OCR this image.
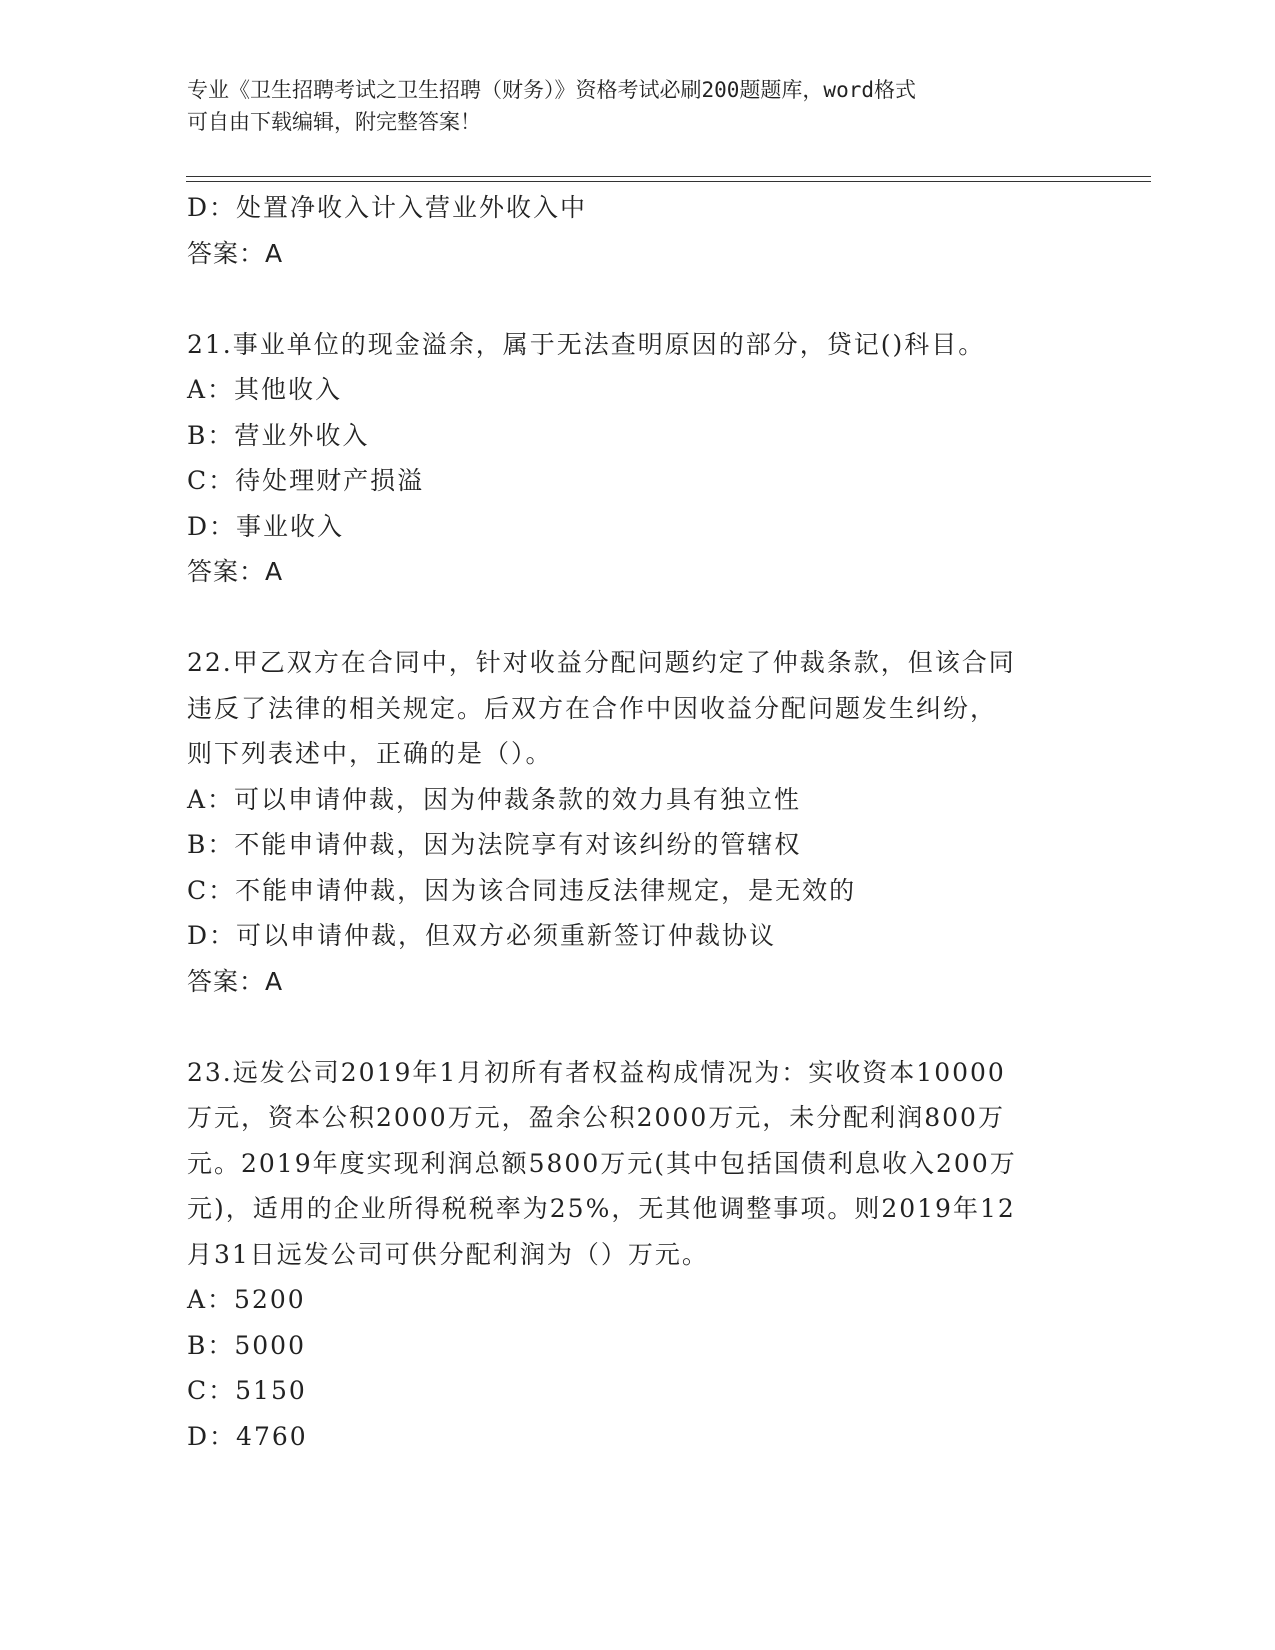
专业《卫生招聘考试之卫生招聘（财务）》资格考试必刷200题题库，word格式
可自由下载编辑，附完整答案！
D：处置净收入计入营业外收入中
答案：A
21.事业单位的现金溢余，属于无法查明原因的部分，贷记()科目。
A：其他收入
B：营业外收入
C：待处理财产损溢
D：事业收入
答案：A
22.甲乙双方在合同中，针对收益分配问题约定了仲裁条款，但该合同
违反了法律的相关规定。后双方在合作中因收益分配问题发生纠纷，
则下列表述中，正确的是（）。
A：可以申请仲裁，因为仲裁条款的效力具有独立性
B：不能申请仲裁，因为法院享有对该纠纷的管辖权
C：不能申请仲裁，因为该合同违反法律规定，是无效的
D：可以申请仲裁，但双方必须重新签订仲裁协议
答案：A
23.远发公司2019年1月初所有者权益构成情况为：实收资本10000
万元，资本公积2000万元，盈余公积2000万元，未分配利润800万
元。2019年度实现利润总额5800万元(其中包括国债利息收入200万
元)，适用的企业所得税税率为25%，无其他调整事项。则2019年12
月31日远发公司可供分配利润为（）万元。
A：5200
B：5000
C：5150
D：4760
